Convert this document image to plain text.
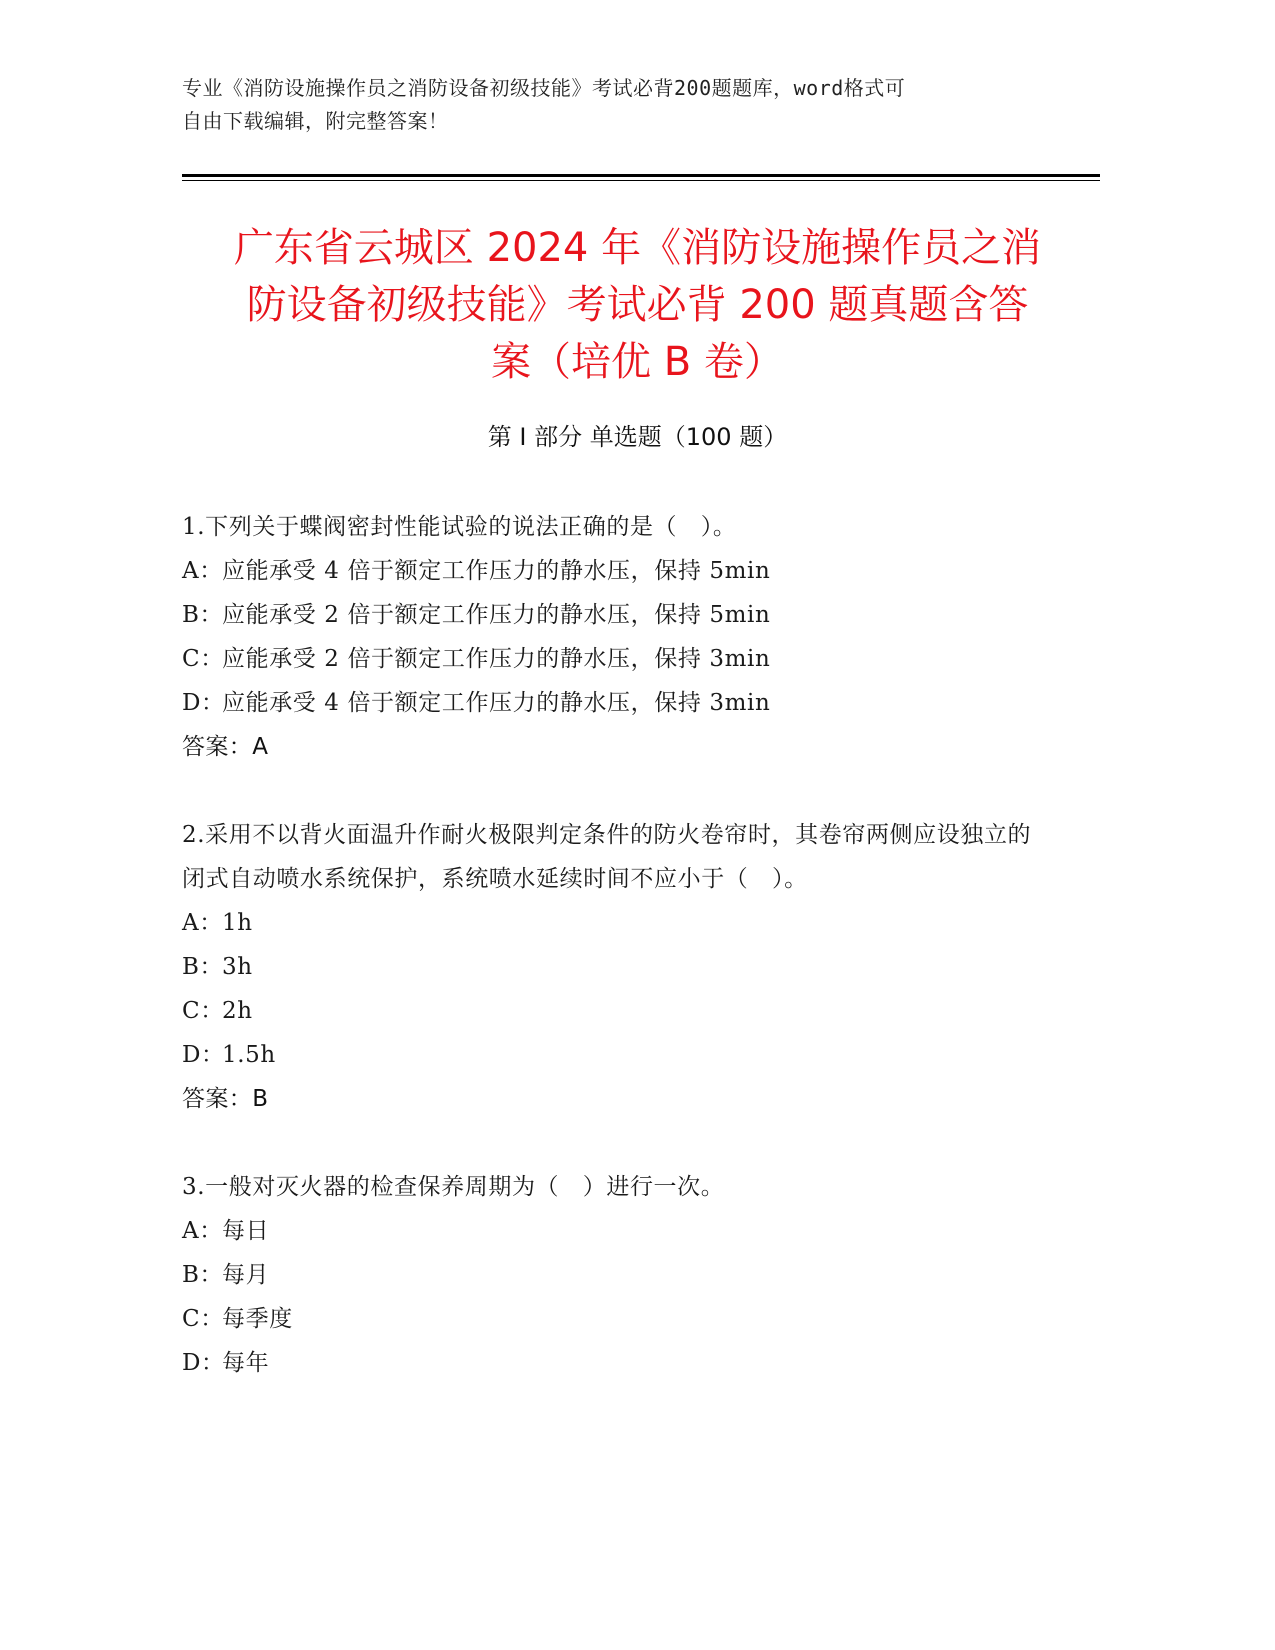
专业《消防设施操作员之消防设备初级技能》考试必背200题题库，word格式可
自由下载编辑，附完整答案！
广东省云城区 2024 年《消防设施操作员之消
防设备初级技能》考试必背 200 题真题含答
案（培优 B 卷）
第 I 部分 单选题（100 题）
1.下列关于蝶阀密封性能试验的说法正确的是（　）。
A： 应能承受 4 倍于额定工作压力的静水压，保持 5min
B：
应能承受 2 倍于额定工作压力的静水压，保持 5min
C：
应能承受 2 倍于额定工作压力的静水压，保持 3min
D：
应能承受 4 倍于额定工作压力的静水压，保持 3min
答案：A
2.采用不以背火面温升作耐火极限判定条件的防火卷帘时，其卷帘两侧应设独立的闭式自动喷水系统保护，系统喷水延续时间不应小于（　）。
A： 1h
B：
3h
C：
2h
D：
1.5h
答案：B
3.一般对灭火器的检查保养周期为（　）进行一次。
A： 每日
B：
每月
C：
每季度
D：
每年
